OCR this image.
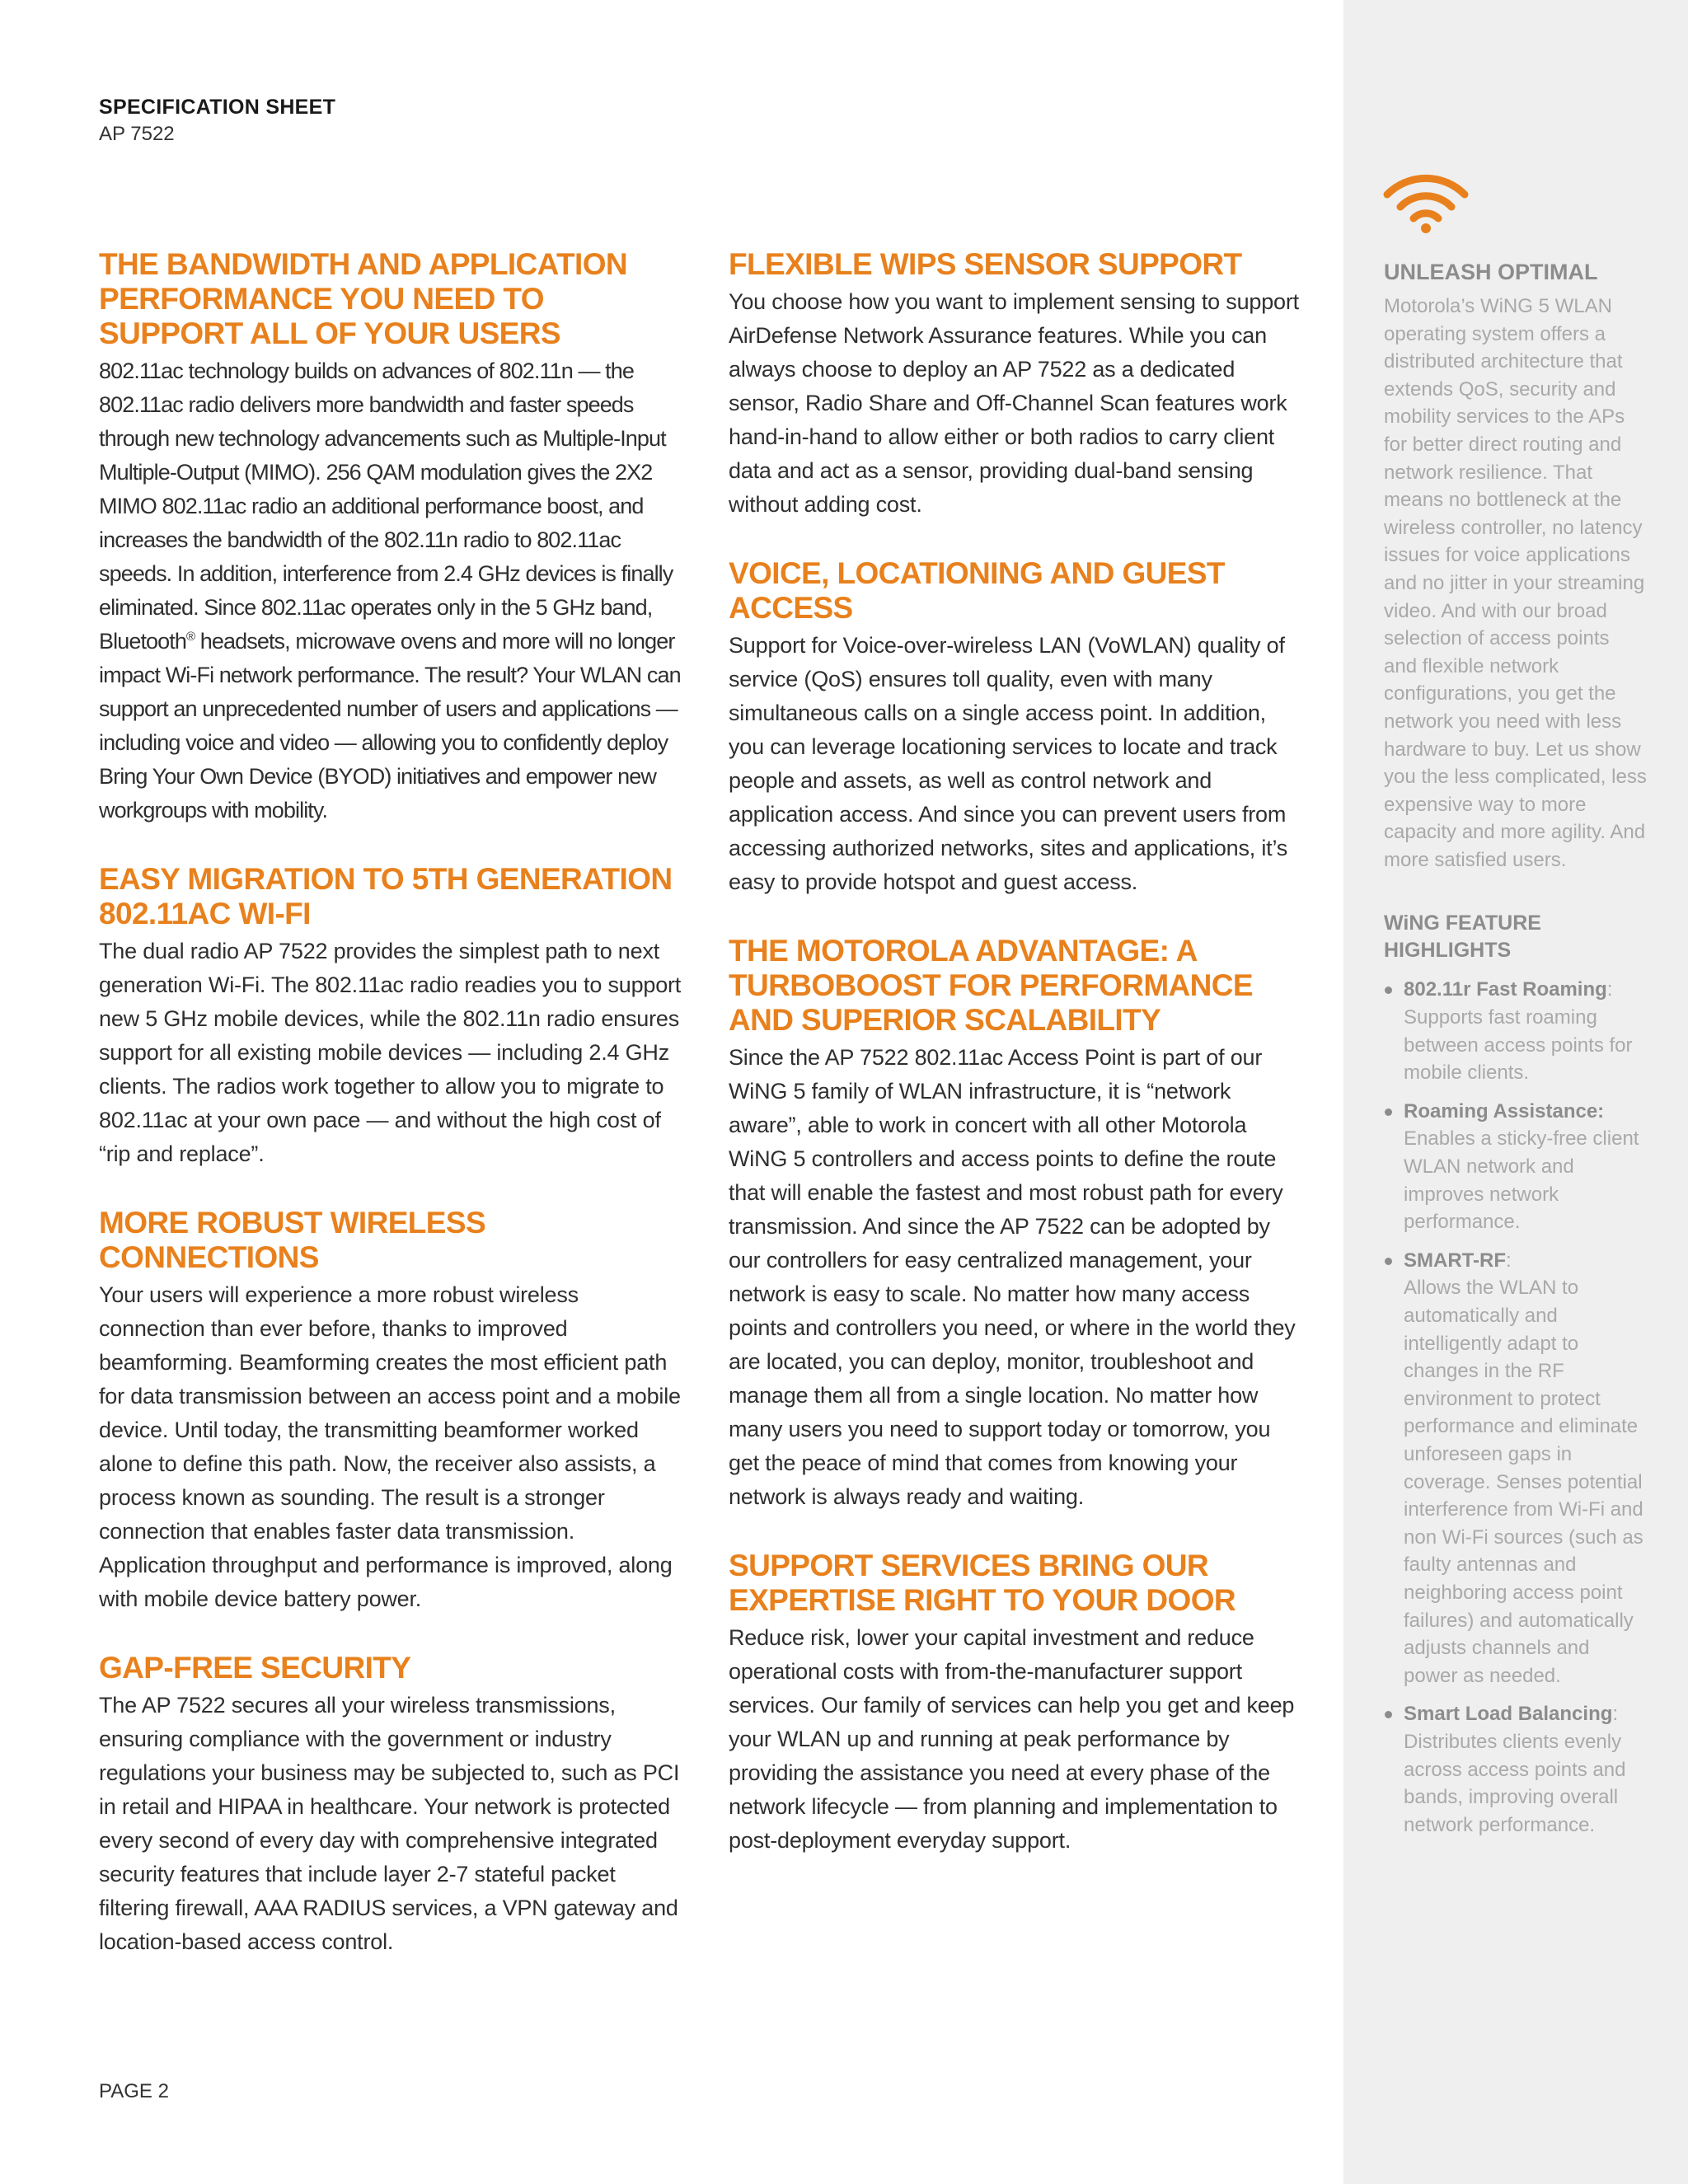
SPECIFICATION SHEET
AP 7522
THE BANDWIDTH AND APPLICATION PERFORMANCE YOU NEED TO SUPPORT ALL OF YOUR USERS

802.11ac technology builds on advances of 802.11n — the 802.11ac radio delivers more bandwidth and faster speeds through new technology advancements such as Multiple-Input Multiple-Output (MIMO). 256 QAM modulation gives the 2X2 MIMO 802.11ac radio an additional performance boost, and increases the bandwidth of the 802.11n radio to 802.11ac speeds. In addition, interference from 2.4 GHz devices is finally eliminated. Since 802.11ac operates only in the 5 GHz band, Bluetooth® headsets, microwave ovens and more will no longer impact Wi-Fi network performance. The result? Your WLAN can support an unprecedented number of users and applications — including voice and video — allowing you to confidently deploy Bring Your Own Device (BYOD) initiatives and empower new workgroups with mobility.

EASY MIGRATION TO 5TH GENERATION 802.11AC WI-FI

The dual radio AP 7522 provides the simplest path to next generation Wi-Fi. The 802.11ac radio readies you to support new 5 GHz mobile devices, while the 802.11n radio ensures support for all existing mobile devices — including 2.4 GHz clients. The radios work together to allow you to migrate to 802.11ac at your own pace — and without the high cost of “rip and replace”.

MORE ROBUST WIRELESS CONNECTIONS

Your users will experience a more robust wireless connection than ever before, thanks to improved beamforming. Beamforming creates the most efficient path for data transmission between an access point and a mobile device. Until today, the transmitting beamformer worked alone to define this path. Now, the receiver also assists, a process known as sounding. The result is a stronger connection that enables faster data transmission. Application throughput and performance is improved, along with mobile device battery power.

GAP-FREE SECURITY

The AP 7522 secures all your wireless transmissions, ensuring compliance with the government or industry regulations your business may be subjected to, such as PCI in retail and HIPAA in healthcare. Your network is protected every second of every day with comprehensive integrated security features that include layer 2-7 stateful packet filtering firewall, AAA RADIUS services, a VPN gateway and location-based access control.

FLEXIBLE WIPS SENSOR SUPPORT

You choose how you want to implement sensing to support AirDefense Network Assurance features. While you can always choose to deploy an AP 7522 as a dedicated sensor, Radio Share and Off-Channel Scan features work hand-in-hand to allow either or both radios to carry client data and act as a sensor, providing dual-band sensing without adding cost.

VOICE, LOCATIONING AND GUEST ACCESS

Support for Voice-over-wireless LAN (VoWLAN) quality of service (QoS) ensures toll quality, even with many simultaneous calls on a single access point. In addition, you can leverage locationing services to locate and track people and assets, as well as control network and application access. And since you can prevent users from accessing authorized networks, sites and applications, it’s easy to provide hotspot and guest access.

THE MOTOROLA ADVANTAGE: A TURBOBOOST FOR PERFORMANCE AND SUPERIOR SCALABILITY

Since the AP 7522 802.11ac Access Point is part of our WiNG 5 family of WLAN infrastructure, it is “network aware”, able to work in concert with all other Motorola WiNG 5 controllers and access points to define the route that will enable the fastest and most robust path for every transmission. And since the AP 7522 can be adopted by our controllers for easy centralized management, your network is easy to scale. No matter how many access points and controllers you need, or where in the world they are located, you can deploy, monitor, troubleshoot and manage them all from a single location. No matter how many users you need to support today or tomorrow, you get the peace of mind that comes from knowing your network is always ready and waiting.

SUPPORT SERVICES BRING OUR EXPERTISE RIGHT TO YOUR DOOR

Reduce risk, lower your capital investment and reduce operational costs with from-the-manufacturer support services. Our family of services can help you get and keep your WLAN up and running at peak performance by providing the assistance you need at every phase of the network lifecycle — from planning and implementation to post-deployment everyday support.

UNLEASH OPTIMAL

Motorola’s WiNG 5 WLAN operating system offers a distributed architecture that extends QoS, security and mobility services to the APs for better direct routing and network resilience. That means no bottleneck at the wireless controller, no latency issues for voice applications and no jitter in your streaming video. And with our broad selection of access points and flexible network configurations, you get the network you need with less hardware to buy. Let us show you the less complicated, less expensive way to more capacity and more agility. And more satisfied users.

WiNG FEATURE HIGHLIGHTS
802.11r Fast Roaming:
Supports fast roaming between access points for mobile clients.
Roaming Assistance:
Enables a sticky-free client WLAN network and improves network performance.
SMART-RF:
Allows the WLAN to automatically and intelligently adapt to changes in the RF environment to protect performance and eliminate unforeseen gaps in coverage. Senses potential interference from Wi-Fi and non Wi-Fi sources (such as faulty antennas and neighboring access point failures) and automatically adjusts channels and power as needed.
Smart Load Balancing:
Distributes clients evenly across access points and bands, improving overall network performance.
PAGE 2
